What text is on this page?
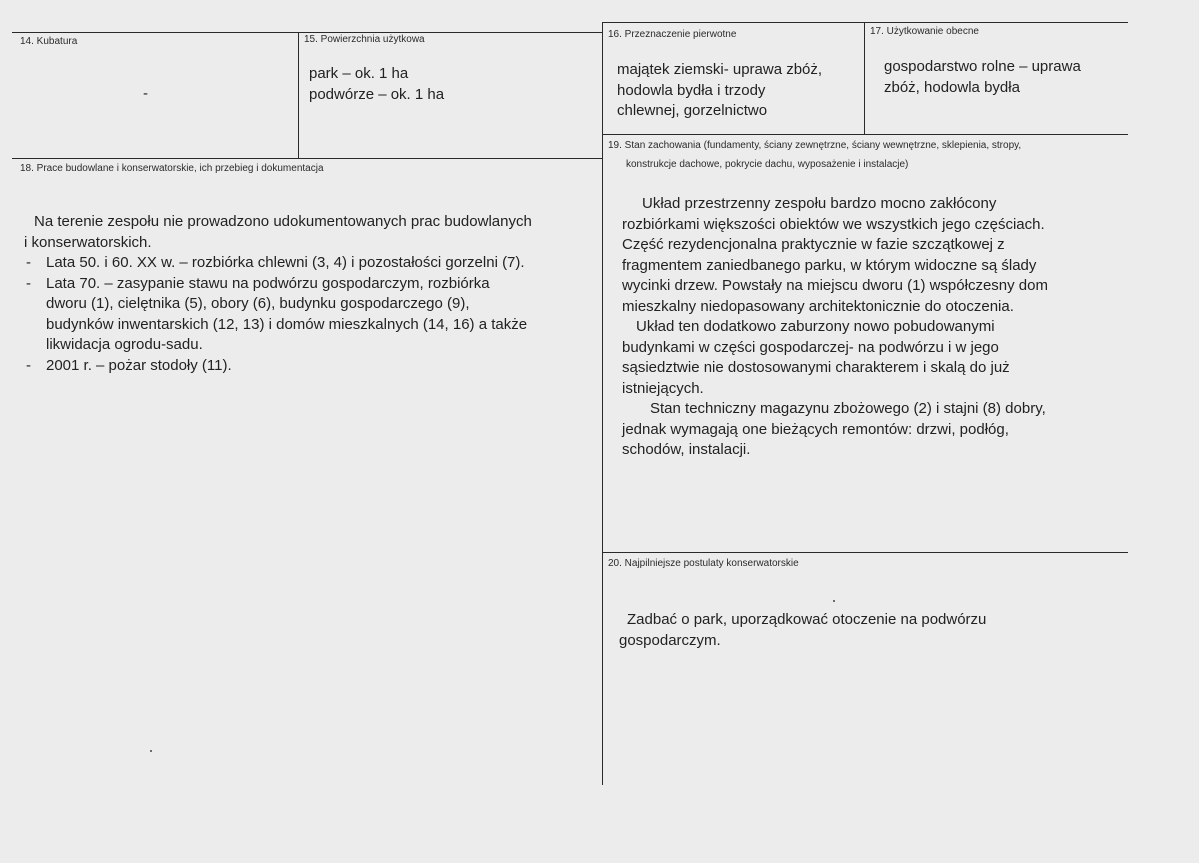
14. Kubatura
-
15. Powierzchnia użytkowa
park – ok. 1 ha
podwórze – ok. 1 ha
16. Przeznaczenie pierwotne
majątek ziemski- uprawa zbóż,
hodowla bydła i trzody
chlewnej, gorzelnictwo
17. Użytkowanie obecne
gospodarstwo rolne – uprawa
zbóż, hodowla bydła
18. Prace budowlane i konserwatorskie, ich przebieg i dokumentacja
Na terenie zespołu nie prowadzono udokumentowanych prac budowlanych
i konserwatorskich.
- Lata 50. i 60. XX w. – rozbiórka chlewni (3, 4) i pozostałości gorzelni (7).
- Lata 70. – zasypanie stawu na podwórzu gospodarczym, rozbiórka
dworu (1), cielętnika (5), obory (6), budynku gospodarczego (9),
budynków inwentarskich (12, 13) i domów mieszkalnych (14, 16) a także
likwidacja ogrodu-sadu.
- 2001 r. – pożar stodoły (11).
19. Stan zachowania (fundamenty, ściany zewnętrzne, ściany wewnętrzne, sklepienia, stropy,
konstrukcje dachowe, pokrycie dachu, wyposażenie i instalacje)
Układ przestrzenny zespołu bardzo mocno zakłócony
rozbiórkami większości obiektów we wszystkich jego częściach.
Część rezydencjonalna praktycznie w fazie szczątkowej z
fragmentem zaniedbanego parku, w którym widoczne są ślady
wycinki drzew. Powstały na miejscu dworu (1) współczesny dom
mieszkalny niedopasowany architektonicznie do otoczenia.
Układ ten dodatkowo zaburzony nowo pobudowanymi
budynkami w części gospodarczej- na podwórzu i w jego
sąsiedztwie nie dostosowanymi charakterem i skalą do już
istniejących.
Stan techniczny magazynu zbożowego (2) i stajni (8) dobry,
jednak wymagają one bieżących remontów: drzwi, podłóg,
schodów, instalacji.
20. Najpilniejsze postulaty konserwatorskie
Zadbać o park, uporządkować otoczenie na podwórzu
gospodarczym.
